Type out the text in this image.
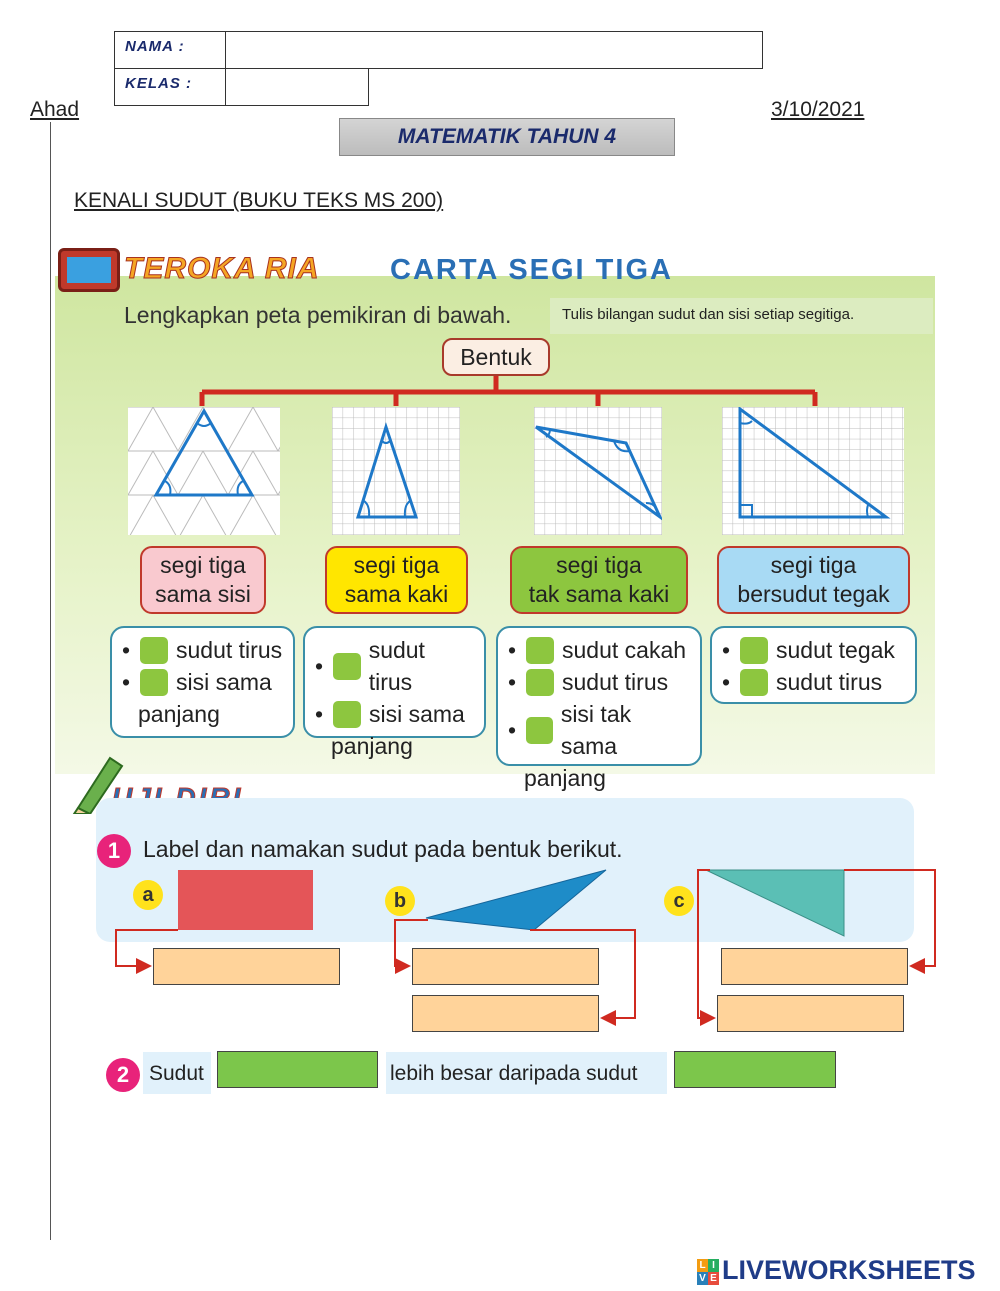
NAMA :
KELAS :
Ahad	3/10/2021
MATEMATIK TAHUN 4
KENALI SUDUT (BUKU TEKS MS 200)
TEROKA RIA CARTA SEGI TIGA
Lengkapkan peta pemikiran di bawah.	Tulis bilangan sudut dan sisi setiap segitiga.
Bentuk
segi tiga
sama sisi
segi tiga
sama kaki
segi tiga
tak sama kaki
segi tiga
bersudut tegak
• sudut tirus
• sisi sama
panjang
•
sudut tirus
• sisi sama
panjang
• sudut cakah
• sudut tirus
•
sisi tak sama
panjang
• sudut tegak
• sudut tirus
1 Label dan namakan sudut pada bentuk berikut.
a	b	c
2 Sudut	lebih besar daripada sudut
L I
V E LIVEWORKSHEETS
